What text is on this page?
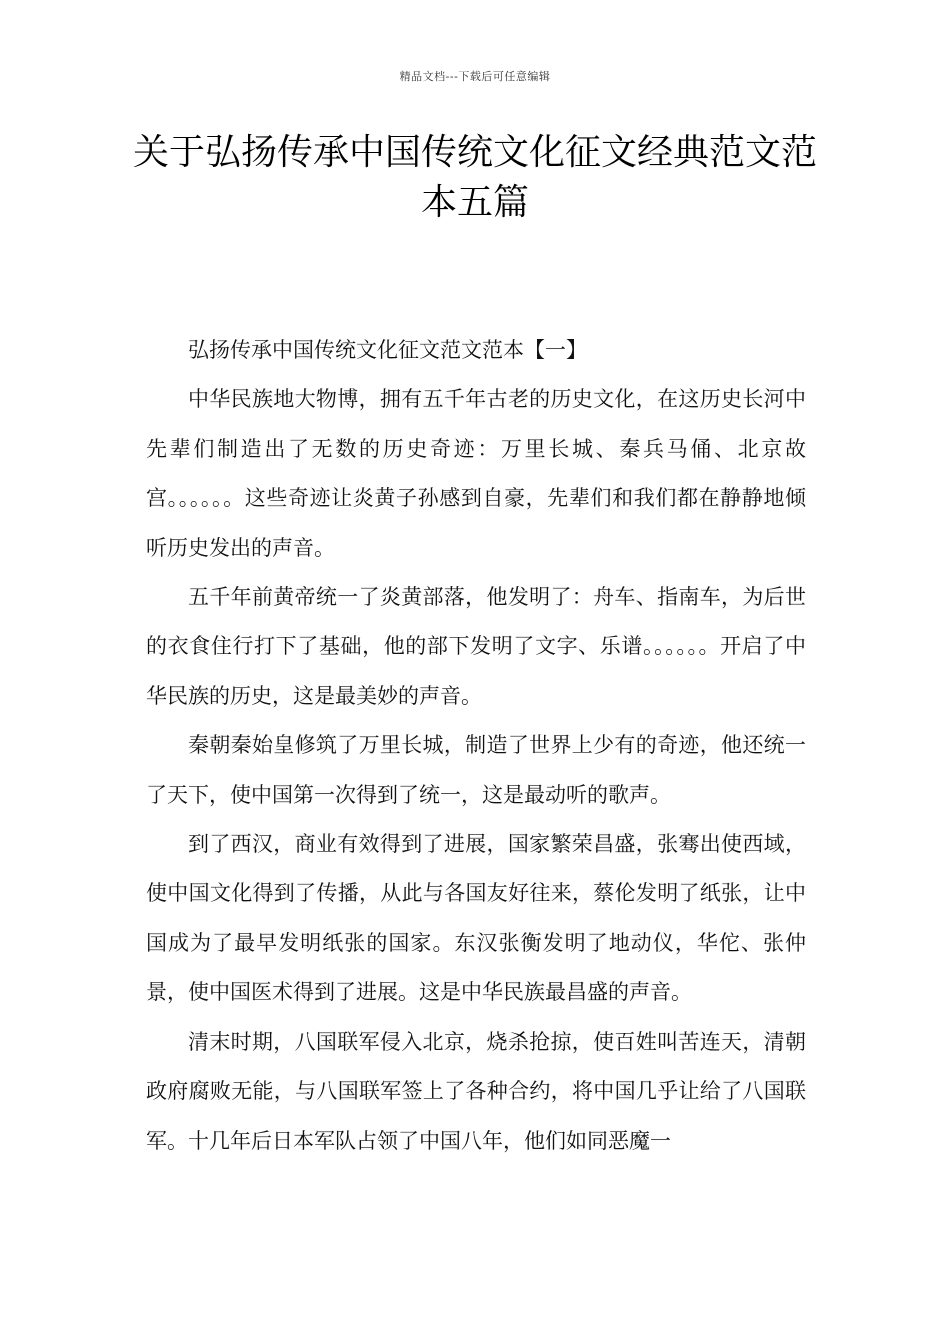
精品文档---下载后可任意编辑
关于弘扬传承中国传统文化征文经典范文范本五篇

弘扬传承中国传统文化征文范文范本【一】

中华民族地大物博，拥有五千年古老的历史文化，在这历史长河中先辈们制造出了无数的历史奇迹：万里长城、秦兵马俑、北京故宫。。。。。。这些奇迹让炎黄子孙感到自豪，先辈们和我们都在静静地倾听历史发出的声音。

五千年前黄帝统一了炎黄部落，他发明了：舟车、指南车，为后世的衣食住行打下了基础，他的部下发明了文字、乐谱。。。。。。开启了中华民族的历史，这是最美妙的声音。

秦朝秦始皇修筑了万里长城，制造了世界上少有的奇迹，他还统一了天下，使中国第一次得到了统一，这是最动听的歌声。

到了西汉，商业有效得到了进展，国家繁荣昌盛，张骞出使西域，使中国文化得到了传播，从此与各国友好往来，蔡伦发明了纸张，让中国成为了最早发明纸张的国家。东汉张衡发明了地动仪，华佗、张仲景，使中国医术得到了进展。这是中华民族最昌盛的声音。

清末时期，八国联军侵入北京，烧杀抢掠，使百姓叫苦连天，清朝政府腐败无能，与八国联军签上了各种合约，将中国几乎让给了八国联军。十几年后日本军队占领了中国八年，他们如同恶魔一
